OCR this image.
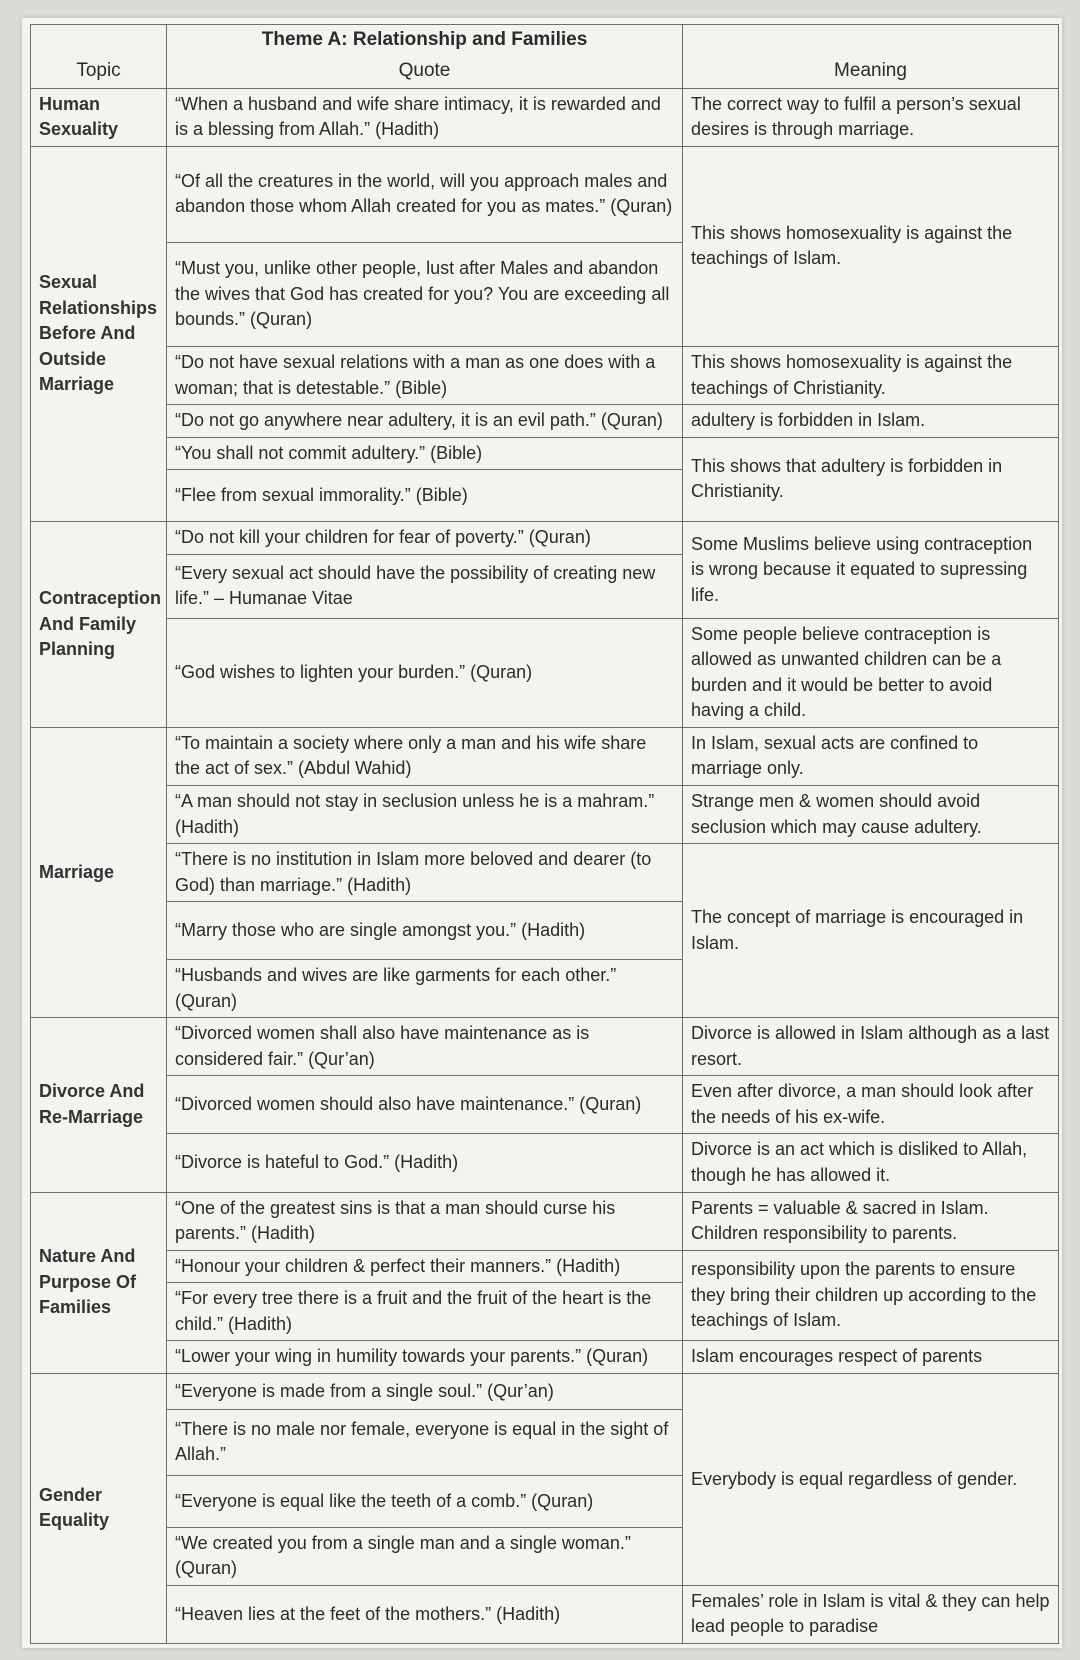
	Theme A: Relationship and Families	
Topic	Quote	Meaning
Human Sexuality	“When a husband and wife share intimacy, it is rewarded and is a blessing from Allah.” (Hadith)	The correct way to fulfil a person’s sexual desires is through marriage.
Sexual Relationships Before And Outside Marriage	“Of all the creatures in the world, will you approach males and abandon those whom Allah created for you as mates.” (Quran)	This shows homosexuality is against the teachings of Islam.
	“Must you, unlike other people, lust after Males and abandon the wives that God has created for you? You are exceeding all bounds.” (Quran)	
	“Do not have sexual relations with a man as one does with a woman; that is detestable.” (Bible)	This shows homosexuality is against the teachings of Christianity.
	“Do not go anywhere near adultery, it is an evil path.” (Quran)	adultery is forbidden in Islam.
	“You shall not commit adultery.” (Bible)	This shows that adultery is forbidden in Christianity.
	“Flee from sexual immorality.” (Bible)	
Contraception And Family Planning	“Do not kill your children for fear of poverty.” (Quran)	Some Muslims believe using contraception is wrong because it equated to supressing life.
	“Every sexual act should have the possibility of creating new life.” – Humanae Vitae	
	“God wishes to lighten your burden.” (Quran)	Some people believe contraception is allowed as unwanted children can be a burden and it would be better to avoid having a child.
Marriage	“To maintain a society where only a man and his wife share the act of sex.” (Abdul Wahid)	In Islam, sexual acts are confined to marriage only.
	“A man should not stay in seclusion unless he is a mahram.” (Hadith)	Strange men & women should avoid seclusion which may cause adultery.
	“There is no institution in Islam more beloved and dearer (to God) than marriage.” (Hadith)	The concept of marriage is encouraged in Islam.
	“Marry those who are single amongst you.” (Hadith)	
	“Husbands and wives are like garments for each other.” (Quran)	
Divorce And Re-Marriage	“Divorced women shall also have maintenance as is considered fair.” (Qur’an)	Divorce is allowed in Islam although as a last resort.
	“Divorced women should also have maintenance.” (Quran)	Even after divorce, a man should look after the needs of his ex-wife.
	“Divorce is hateful to God.” (Hadith)	Divorce is an act which is disliked to Allah, though he has allowed it.
Nature And Purpose Of Families	“One of the greatest sins is that a man should curse his parents.” (Hadith)	Parents = valuable & sacred in Islam. Children responsibility to parents.
	“Honour your children & perfect their manners.” (Hadith)	responsibility upon the parents to ensure they bring their children up according to the teachings of Islam.
	“For every tree there is a fruit and the fruit of the heart is the child.” (Hadith)	
	“Lower your wing in humility towards your parents.” (Quran)	Islam encourages respect of parents
Gender Equality	“Everyone is made from a single soul.” (Qur’an)	Everybody is equal regardless of gender.
	“There is no male nor female, everyone is equal in the sight of Allah.”	
	“Everyone is equal like the teeth of a comb.” (Quran)	
	“We created you from a single man and a single woman.” (Quran)	
	“Heaven lies at the feet of the mothers.” (Hadith)	Females’ role in Islam is vital & they can help lead people to paradise
